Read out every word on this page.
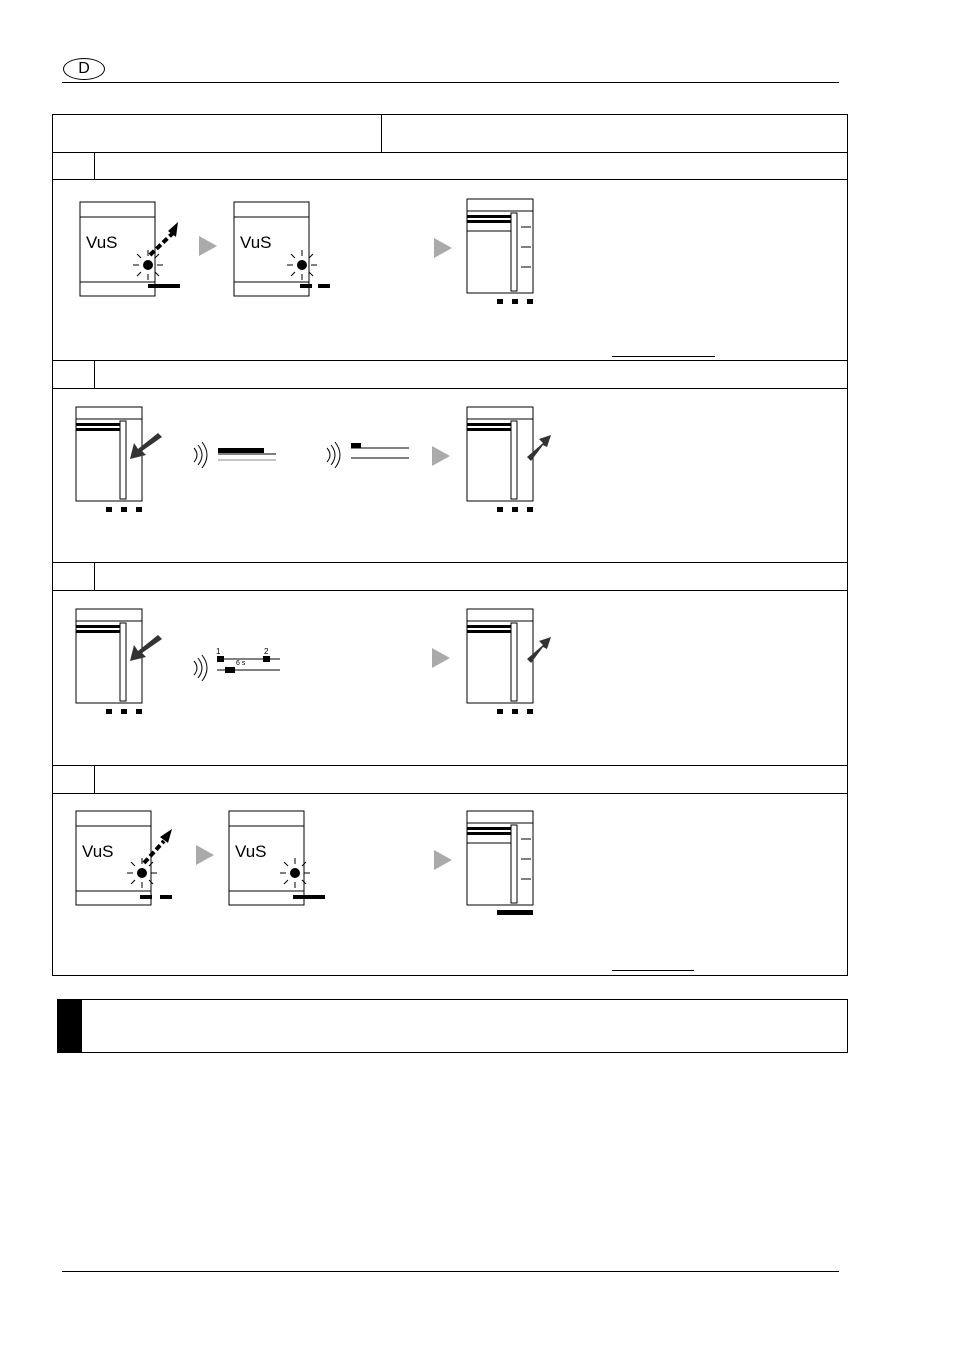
D
VuS	VuS
1	2
6 s
VuS	VuS
